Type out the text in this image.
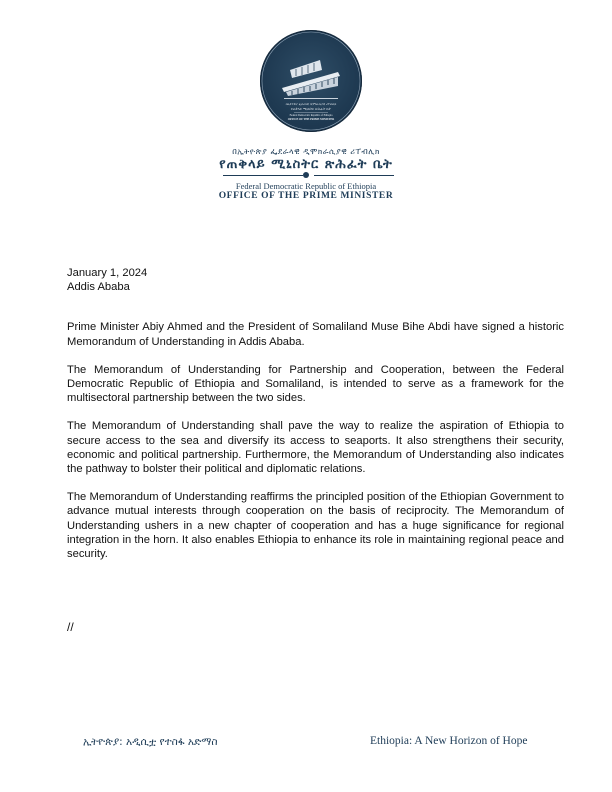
በኢትዮጵያ ፌደራላዊ ዲሞክራሲያዊ ሪፐብሊክ
የጠቅላይ ሚኒስትር ጽሕፈት ቤት
Federal Democratic Republic of Ethiopia
OFFICE OF THE PRIME MINISTER
በኢትዮጵያ ፌደራላዊ ዲሞክራሲያዊ ሪፐብሊክ
የጠቅላይ ሚኒስትር ጽሕፈት ቤት
Federal Democratic Republic of Ethiopia
OFFICE OF THE PRIME MINISTER
January 1, 2024
Addis Ababa

Prime Minister Abiy Ahmed and the President of Somaliland Muse Bihe Abdi have signed a historic Memorandum of Understanding in Addis Ababa.

The Memorandum of Understanding for Partnership and Cooperation, between the Federal Democratic Republic of Ethiopia and Somaliland, is intended to serve as a framework for the multisectoral partnership between the two sides.

The Memorandum of Understanding shall pave the way to realize the aspiration of Ethiopia to secure access to the sea and diversify its access to seaports. It also strengthens their security, economic and political partnership. Furthermore, the Memorandum of Understanding also indicates the pathway to bolster their political and diplomatic relations.

The Memorandum of Understanding reaffirms the principled position of the Ethiopian Government to advance mutual interests through cooperation on the basis of reciprocity. The Memorandum of Understanding ushers in a new chapter of cooperation and has a huge significance for regional integration in the horn. It also enables Ethiopia to enhance its role in maintaining regional peace and security.

//
ኢትዮጵያ: አዲሲቷ የተስፋ አድማስ	Ethiopia: A New Horizon of Hope
